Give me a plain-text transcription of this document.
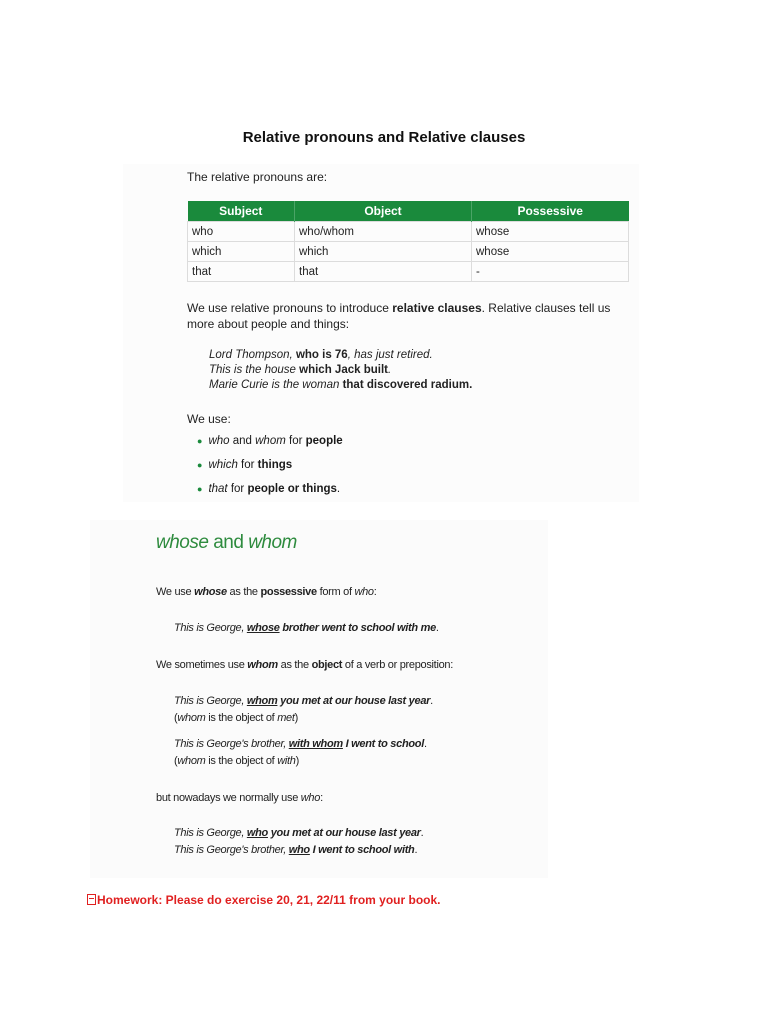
Relative pronouns and Relative clauses
The relative pronouns are:
Subject	Object	Possessive
who	who/whom	whose
which	which	whose
that	that	-
We use relative pronouns to introduce relative clauses. Relative clauses tell us more about people and things:
Lord Thompson, who is 76, has just retired.
This is the house which Jack built.
Marie Curie is the woman that discovered radium.
We use:
● who and whom for people
● which for things
● that for people or things.
whose and whom
We use whose as the possessive form of who:
This is George, whose brother went to school with me.
We sometimes use whom as the object of a verb or preposition:
This is George, whom you met at our house last year.
(whom is the object of met)
This is George's brother, with whom I went to school.
(whom is the object of with)
but nowadays we normally use who:
This is George, who you met at our house last year.
This is George's brother, who I went to school with.
Homework: Please do exercise 20, 21, 22/11 from your book.
